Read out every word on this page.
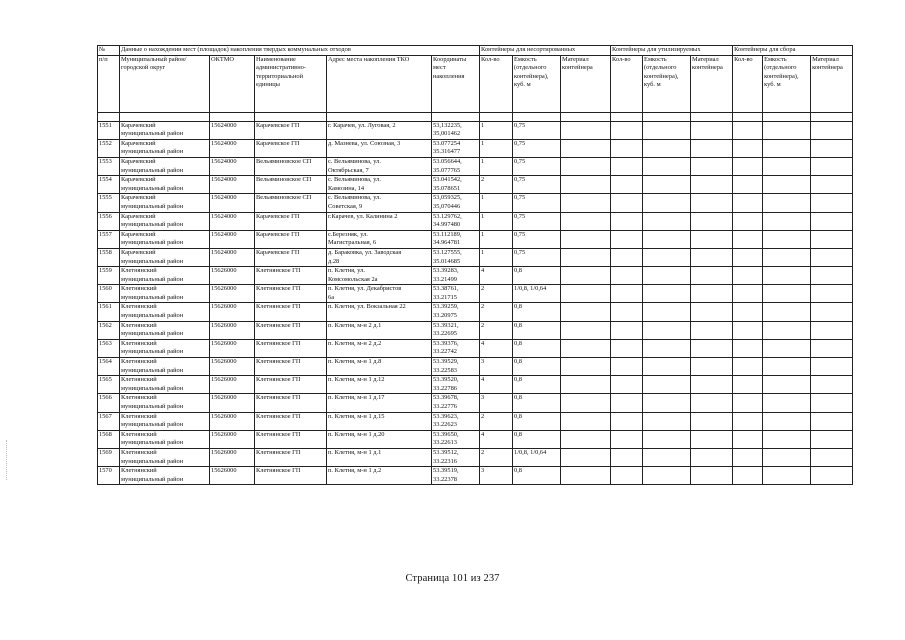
№	Данные о нахождении мест (площадок) накопления твердых коммунальных отходов					Контейнеры для несортированных			Контейнеры для утилизируемых			Контейнеры для сбора		
п/п	Муниципальный район/городской округ	ОКТМО	Наименование административно-территориальной единицы	Адрес места накопления ТКО	Координаты мест накопления	Кол-во	Емкость (отдельного контейнера), куб. м	Материал контейнера	Кол-во	Ем​кость (отдельного контейнера), куб. м	Материал контейнера	Кол-во	Емкость (отдельного контейнера), куб. м	Материал контейнера

1551	Карачевский
муниципальный район	15624000	Карачевское ГП	г. Карачев, ул. Луговая, 2	53,132235,
35,001462	1	0,75							

1552	Карачевский
муниципальный район	15624000	Карачевское ГП	д. Мазнева, ул. Союзная, 3	53.077254
35.316477	1	0,75							

1553	Карачевский
муниципальный район	15624000	Вельяминовское СП	с. Вельяминова, ул.
Октябрьская, 7	53.056644,
35.077765	1	0,75							

1554	Карачевский
муниципальный район	15624000	Вельяминовское СП	с. Вельяминова, ул.
Камозина, 14	53.041542,
35.078651	2	0,75							

1555	Карачевский
муниципальный район	15624000	Вельяминовское СП	с. Вельяминова, ул.
Советская, 9	53,059325,
35,070446	1	0,75							

1556	Карачевский
муниципальный район	15624000	Карачевское ГП	г.Карачев, ул. Калинина 2	53.129762,
34.997480	1	0,75							

1557	Карачевский
муниципальный район	15624000	Карачевское ГП	с.Березняк, ул.
Магистральная, 6	53.112189,
34.964781	1	0,75							

1558	Карачевский
муниципальный район	15624000	Карачевское ГП	д. Бараковка, ул. Заводская
д.28	53.127555,
35.014685	1	0,75							

1559	Клетнянский
муниципальный район	15626000	Клетнянское ГП	п. Клетня, ул.
Комсомольская 2а	53.39283,
33.21499	4	0,8							

1560	Клетнянский
муниципальный район	15626000	Клетнянское ГП	п. Клетня, ул. Декабристов
6а	53.38761,
33.21715	2	1/0,8, 1/0,64							

1561	Клетнянский
муниципальный район	15626000	Клетнянское ГП	п. Клетня, ул. Вокзальная 22	53.39259,
33.20975	2	0,8							

1562	Клетнянский
муниципальный район	15626000	Клетнянское ГП	п. Клетня, м-н 2 д.1	53.39321,
33.22695	2	0,8							

1563	Клетнянский
муниципальный район	15626000	Клетнянское ГП	п. Клетня, м-н 2 д.2	53.39376,
33.22742	4	0,8							

1564	Клетнянский
муниципальный район	15626000	Клетнянское ГП	п. Клетня, м-н 1 д.8	53.39529,
33.22583	3	0,8							

1565	Клетнянский
муниципальный район	15626000	Клетнянское ГП	п. Клетня, м-н 1 д.12	53.39520,
33.22786	4	0,8							

1566	Клетнянский
муниципальный район	15626000	Клетнянское ГП	п. Клетня, м-н 1 д.17	53.39678,
33.22776	3	0,8							

1567	Клетнянский
муниципальный район	15626000	Клетнянское ГП	п. Клетня, м-н 1 д.15	53.39623,
33.22623	2	0,8							

1568	Клетнянский
муниципальный район	15626000	Клетнянское ГП	п. Клетня, м-н 1 д.20	53.39650,
33.22613	4	0,8							

1569	Клетнянский
муниципальный район	15626000	Клетнянское ГП	п. Клетня, м-н 1 д.1	53.39512,
33.22316	2	1/0,8, 1/0,64							

1570	Клетнянский
муниципальный район	15626000	Клетнянское ГП	п. Клетня, м-н 1 д.2	53.39519,
33.22378	3	0,8							

Страница 101 из 237
